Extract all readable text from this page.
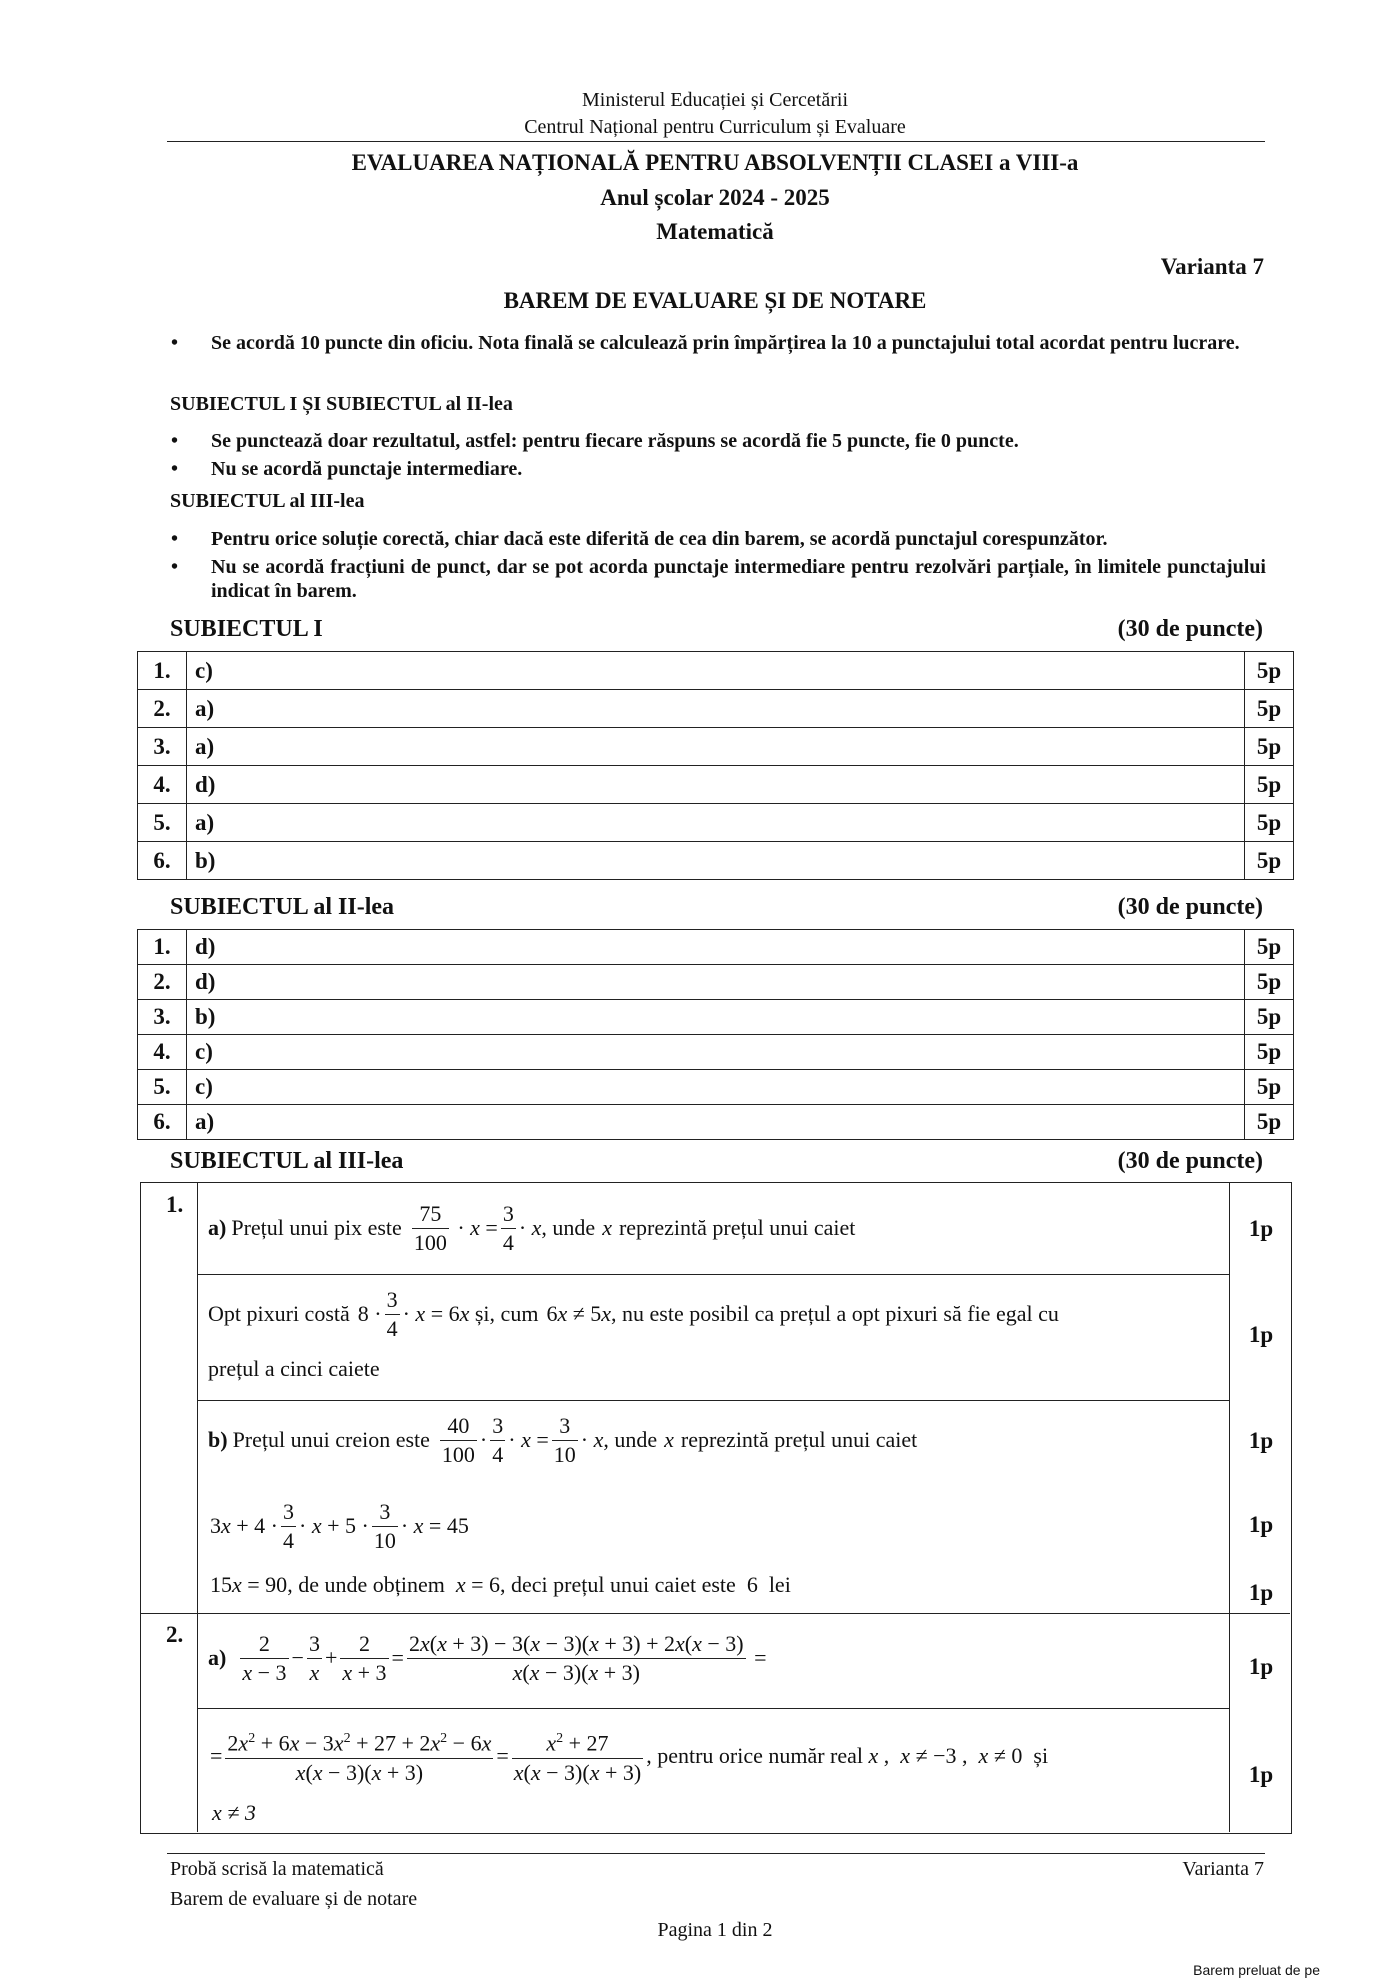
Ministerul Educației și Cercetării
Centrul Național pentru Curriculum și Evaluare
EVALUAREA NAȚIONALĂ PENTRU ABSOLVENȚII CLASEI a VIII-a
Anul școlar 2024 - 2025
Matematică
Varianta 7
BAREM DE EVALUARE ȘI DE NOTARE
• Se acordă 10 puncte din oficiu. Nota finală se calculează prin împărțirea la 10 a punctajului total acordat pentru lucrare.
SUBIECTUL I ȘI SUBIECTUL al II-lea
• Se punctează doar rezultatul, astfel: pentru fiecare răspuns se acordă fie 5 puncte, fie 0 puncte.
• Nu se acordă punctaje intermediare.
SUBIECTUL al III-lea
• Pentru orice soluție corectă, chiar dacă este diferită de cea din barem, se acordă punctajul corespunzător.
• Nu se acordă fracțiuni de punct, dar se pot acorda punctaje intermediare pentru rezolvări parțiale, în limitele punctajului indicat în barem.
SUBIECTUL I	(30 de puncte)
1.	c)	5p
2.	a)	5p
3.	a)	5p
4.	d)	5p
5.	a)	5p
6.	b)	5p
SUBIECTUL al II-lea	(30 de puncte)
1.	d)	5p
2.	d)	5p
3.	b)	5p
4.	c)	5p
5.	c)	5p
6.	a)	5p
SUBIECTUL al III-lea	(30 de puncte)
1.
a) Prețul unui pix este $\frac{75}{100} \cdot x = \frac{3}{4} \cdot x$ , unde x reprezintă prețul unui caiet	1p
Opt pixuri costă $8 \cdot \frac{3}{4} \cdot x = 6x$ și, cum 6x ≠ 5x, nu este posibil ca prețul a opt pixuri să fie egal cu
prețul a cinci caiete
1p
b) Prețul unui creion este $\frac{40}{100} \cdot \frac{3}{4} \cdot x = \frac{3}{10} \cdot x$ , unde x reprezintă prețul unui caiet	1p
$3x + 4 \cdot \frac{3}{4} \cdot x + 5 \cdot \frac{3}{10} \cdot x = 45$	1p
15x = 90, de unde obținem x = 6, deci prețul unui caiet este 6 lei	1p
2.
$a) \frac{2}{x - 3} - \frac{3}{x} + \frac{2}{x + 3} = \frac{2x(x + 3) - 3(x - 3)(x + 3) + 2x(x - 3)}{x(x - 3)(x + 3)}$ =	1p
= $\frac{2x^2 + 6x - 3x^2 + 27 + 2x^2 - 6x}{x(x - 3)(x + 3)} = \frac{x^2 + 27}{x(x - 3)(x + 3)}$ , pentru orice număr real x ,  x ≠ −3 ,  x ≠ 0 și
x ≠ 3
1p
Probă scrisă la matematică	Varianta 7
Barem de evaluare și de notare
Pagina 1 din 2
Barem preluat de pe
